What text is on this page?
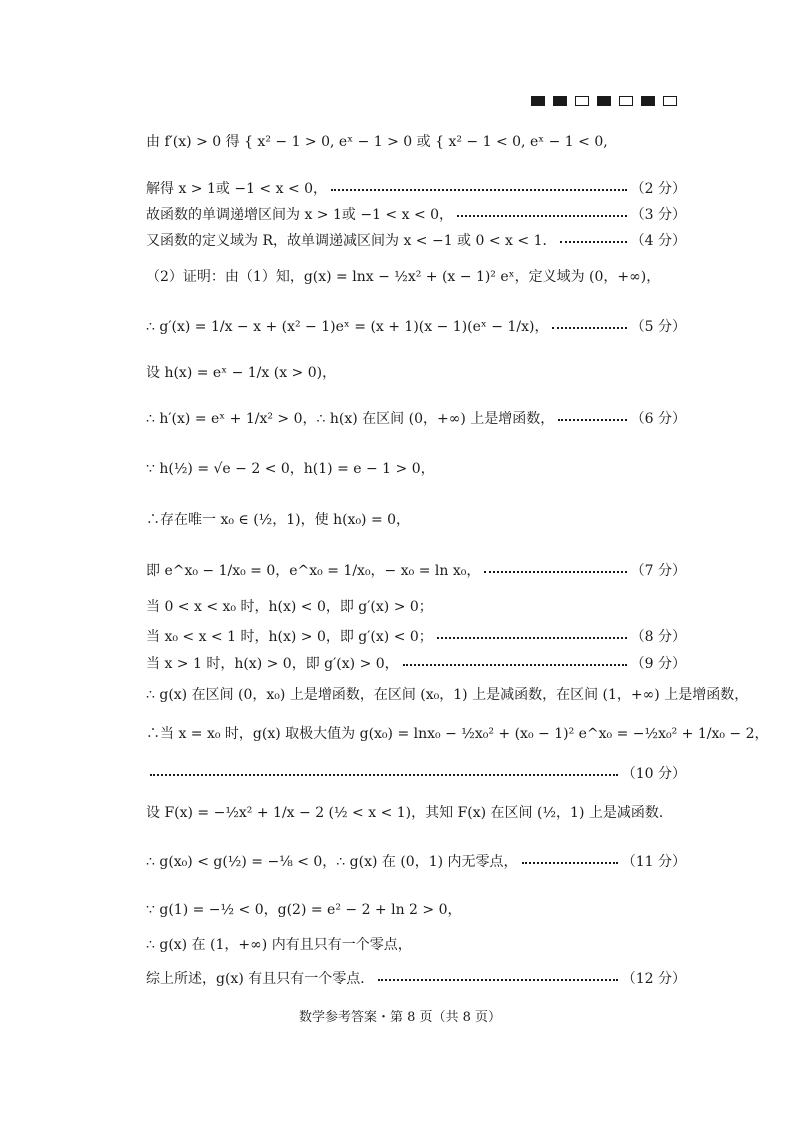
由 f′(x) > 0 得 { x² − 1 > 0, eˣ − 1 > 0 或 { x² − 1 < 0, eˣ − 1 < 0,
解得 x > 1或 −1 < x < 0，	（2 分）
故函数的单调递增区间为 x > 1或 −1 < x < 0，	（3 分）
又函数的定义域为 R，故单调递减区间为 x < −1 或 0 < x < 1．	（4 分）
（2）证明：由（1）知，g(x) = lnx − ½x² + (x − 1)² eˣ，定义域为 (0，+∞)，
∴ g′(x) = 1/x − x + (x² − 1)eˣ = (x + 1)(x − 1)(eˣ − 1/x)，	（5 分）
设 h(x) = eˣ − 1/x (x > 0)，
∴ h′(x) = eˣ + 1/x² > 0，∴ h(x) 在区间 (0，+∞) 上是增函数，	（6 分）
∵ h(½) = √e − 2 < 0，h(1) = e − 1 > 0，
∴存在唯一 x₀ ∈ (½，1)，使 h(x₀) = 0，
即 e^x₀ − 1/x₀ = 0，e^x₀ = 1/x₀，− x₀ = ln x₀，	（7 分）
当 0 < x < x₀ 时，h(x) < 0，即 g′(x) > 0；
当 x₀ < x < 1 时，h(x) > 0，即 g′(x) < 0；	（8 分）
当 x > 1 时，h(x) > 0，即 g′(x) > 0，	（9 分）
∴ g(x) 在区间 (0，x₀) 上是增函数，在区间 (x₀，1) 上是减函数，在区间 (1，+∞) 上是增函数，
∴当 x = x₀ 时，g(x) 取极大值为 g(x₀) = lnx₀ − ½x₀² + (x₀ − 1)² e^x₀ = −½x₀² + 1/x₀ − 2，
（10 分）
设 F(x) = −½x² + 1/x − 2 (½ < x < 1)，其知 F(x) 在区间 (½，1) 上是减函数．
∴ g(x₀) < g(½) = −⅛ < 0，∴ g(x) 在 (0，1) 内无零点，	（11 分）
∵ g(1) = −½ < 0，g(2) = e² − 2 + ln 2 > 0，
∴ g(x) 在 (1，+∞) 内有且只有一个零点，
综上所述，g(x) 有且只有一个零点．	（12 分）
数学参考答案・第 8 页（共 8 页）
